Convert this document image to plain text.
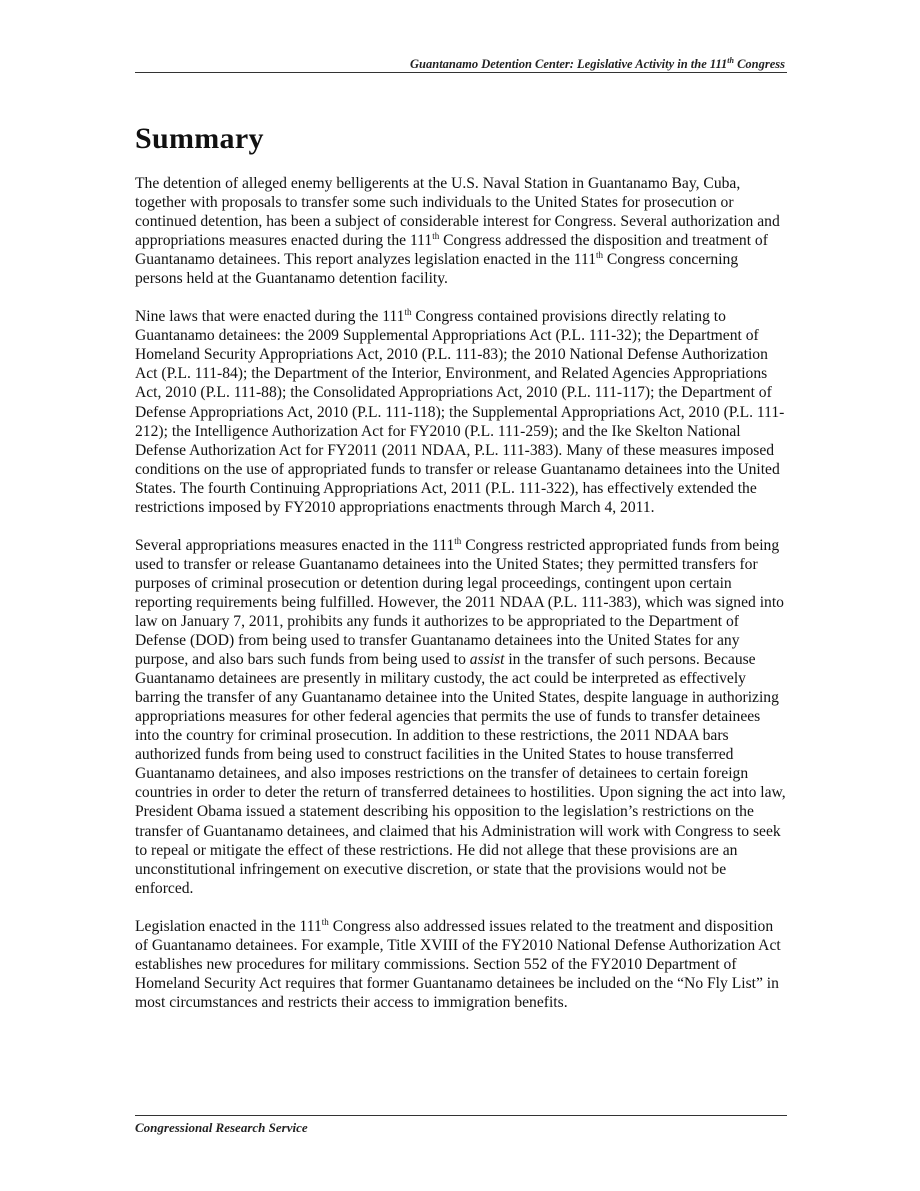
Guantanamo Detention Center: Legislative Activity in the 111th Congress
Summary

The detention of alleged enemy belligerents at the U.S. Naval Station in Guantanamo Bay, Cuba, together with proposals to transfer some such individuals to the United States for prosecution or continued detention, has been a subject of considerable interest for Congress. Several authorization and appropriations measures enacted during the 111th Congress addressed the disposition and treatment of Guantanamo detainees. This report analyzes legislation enacted in the 111th Congress concerning persons held at the Guantanamo detention facility.

Nine laws that were enacted during the 111th Congress contained provisions directly relating to Guantanamo detainees: the 2009 Supplemental Appropriations Act (P.L. 111-32); the Department of Homeland Security Appropriations Act, 2010 (P.L. 111-83); the 2010 National Defense Authorization Act (P.L. 111-84); the Department of the Interior, Environment, and Related Agencies Appropriations Act, 2010 (P.L. 111-88); the Consolidated Appropriations Act, 2010 (P.L. 111-117); the Department of Defense Appropriations Act, 2010 (P.L. 111-118); the Supplemental Appropriations Act, 2010 (P.L. 111-212); the Intelligence Authorization Act for FY2010 (P.L. 111-259); and the Ike Skelton National Defense Authorization Act for FY2011 (2011 NDAA, P.L. 111-383). Many of these measures imposed conditions on the use of appropriated funds to transfer or release Guantanamo detainees into the United States. The fourth Continuing Appropriations Act, 2011 (P.L. 111-322), has effectively extended the restrictions imposed by FY2010 appropriations enactments through March 4, 2011.

Several appropriations measures enacted in the 111th Congress restricted appropriated funds from being used to transfer or release Guantanamo detainees into the United States; they permitted transfers for purposes of criminal prosecution or detention during legal proceedings, contingent upon certain reporting requirements being fulfilled. However, the 2011 NDAA (P.L. 111-383), which was signed into law on January 7, 2011, prohibits any funds it authorizes to be appropriated to the Department of Defense (DOD) from being used to transfer Guantanamo detainees into the United States for any purpose, and also bars such funds from being used to assist in the transfer of such persons. Because Guantanamo detainees are presently in military custody, the act could be interpreted as effectively barring the transfer of any Guantanamo detainee into the United States, despite language in authorizing appropriations measures for other federal agencies that permits the use of funds to transfer detainees into the country for criminal prosecution. In addition to these restrictions, the 2011 NDAA bars authorized funds from being used to construct facilities in the United States to house transferred Guantanamo detainees, and also imposes restrictions on the transfer of detainees to certain foreign countries in order to deter the return of transferred detainees to hostilities. Upon signing the act into law, President Obama issued a statement describing his opposition to the legislation’s restrictions on the transfer of Guantanamo detainees, and claimed that his Administration will work with Congress to seek to repeal or mitigate the effect of these restrictions. He did not allege that these provisions are an unconstitutional infringement on executive discretion, or state that the provisions would not be enforced.

Legislation enacted in the 111th Congress also addressed issues related to the treatment and disposition of Guantanamo detainees. For example, Title XVIII of the FY2010 National Defense Authorization Act establishes new procedures for military commissions. Section 552 of the FY2010 Department of Homeland Security Act requires that former Guantanamo detainees be included on the “No Fly List” in most circumstances and restricts their access to immigration benefits.

Congressional Research Service
